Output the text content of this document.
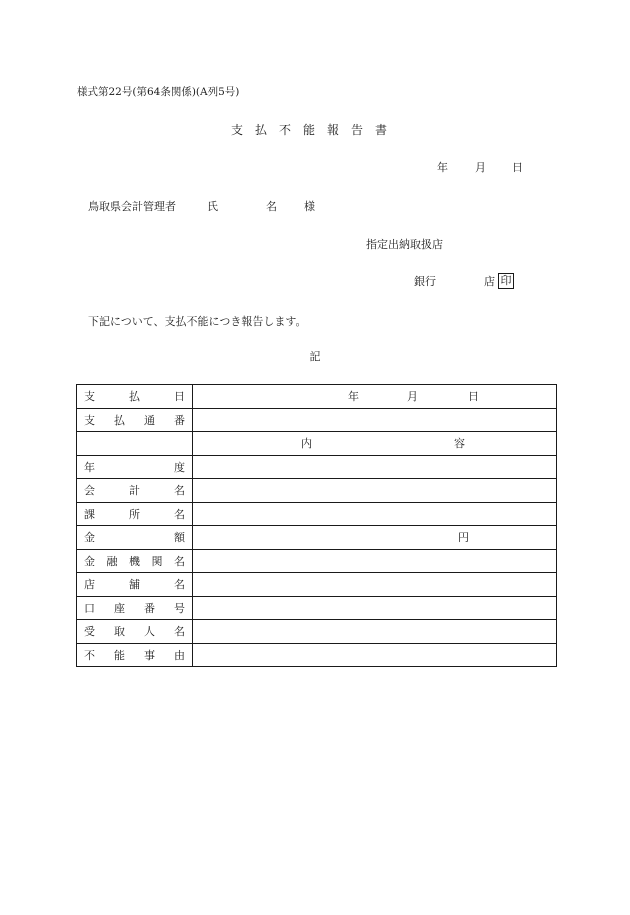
様式第22号(第64条関係)(A列5号)
支払不能報告書
年	月	日
鳥取県会計管理者	氏	名	様
指定出納取扱店
銀行	店 印
下記について、支払不能につき報告します。
記
支 払 日	年 月 日

支 払 通 番	

	内 容

年 度	

会 計 名	

課 所 名	

金 額	円

金 融 機 関 名	

店 舗 名	

口 座 番 号	

受 取 人 名	

不 能 事 由	
